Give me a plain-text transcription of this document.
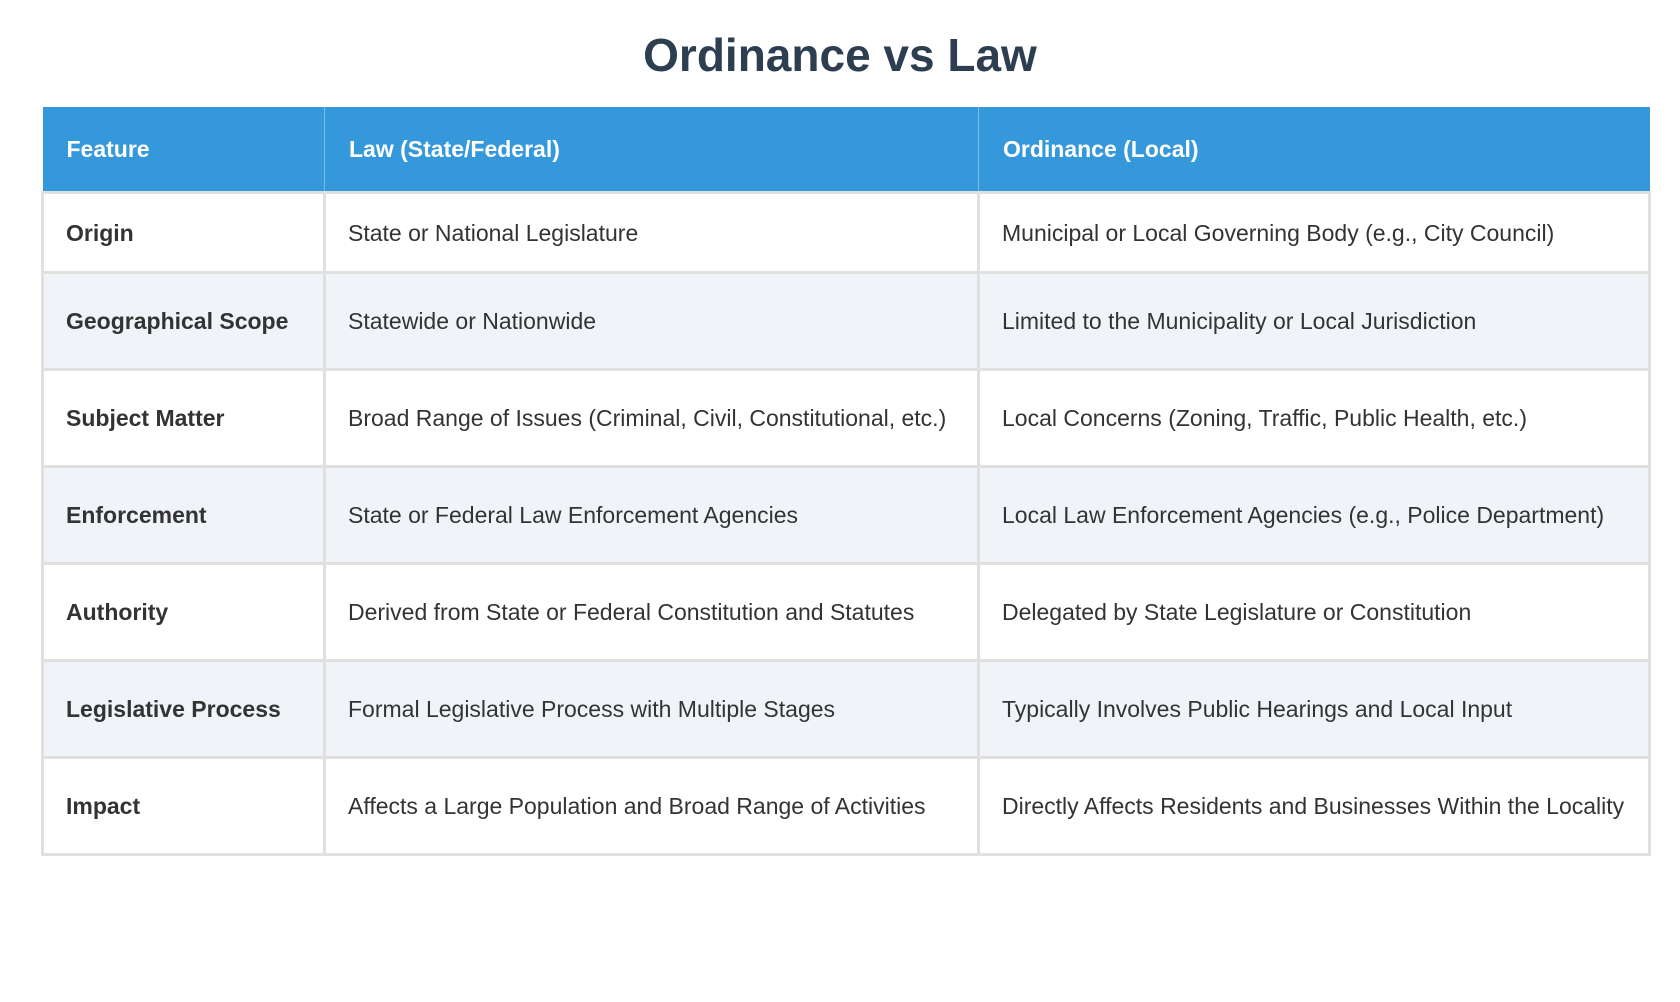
Ordinance vs Law
Feature	Law (State/Federal)	Ordinance (Local)
Origin	State or National Legislature	Municipal or Local Governing Body (e.g., City Council)
Geographical Scope	Statewide or Nationwide	Limited to the Municipality or Local Jurisdiction
Subject Matter	Broad Range of Issues (Criminal, Civil, Constitutional, etc.)	Local Concerns (Zoning, Traffic, Public Health, etc.)
Enforcement	State or Federal Law Enforcement Agencies	Local Law Enforcement Agencies (e.g., Police Department)
Authority	Derived from State or Federal Constitution and Statutes	Delegated by State Legislature or Constitution
Legislative Process	Formal Legislative Process with Multiple Stages	Typically Involves Public Hearings and Local Input
Impact	Affects a Large Population and Broad Range of Activities	Directly Affects Residents and Businesses Within the Locality
